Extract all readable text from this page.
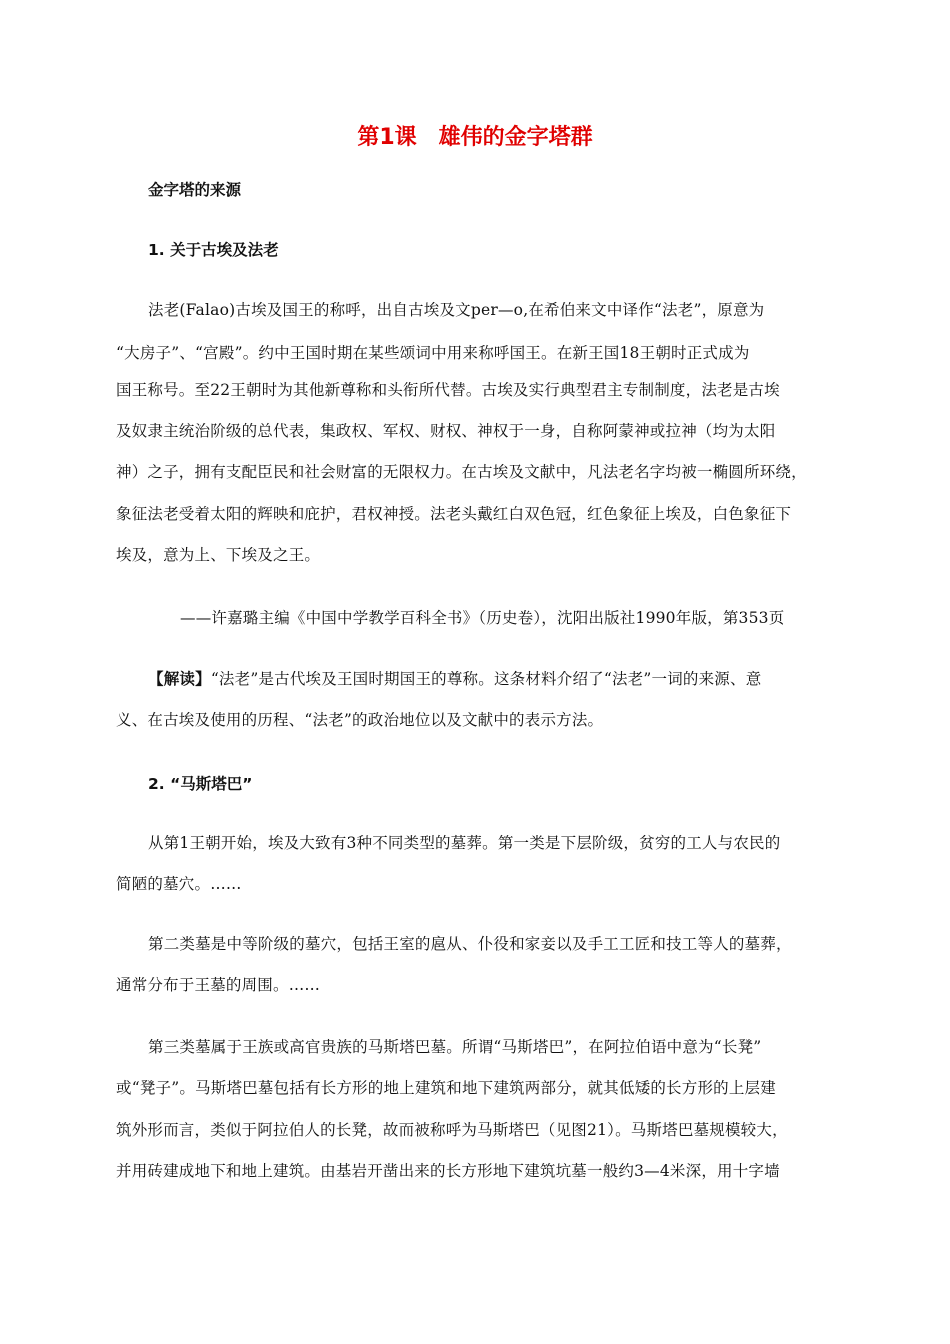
第1课 雄伟的金字塔群
金字塔的来源
1. 关于古埃及法老
法老(Falao)古埃及国王的称呼，出自古埃及文per—o,在希伯来文中译作“法老”，原意为
“大房子”、“宫殿”。约中王国时期在某些颂词中用来称呼国王。在新王国18王朝时正式成为
国王称号。至22王朝时为其他新尊称和头衔所代替。古埃及实行典型君主专制制度，法老是古埃
及奴隶主统治阶级的总代表，集政权、军权、财权、神权于一身，自称阿蒙神或拉神（均为太阳
神）之子，拥有支配臣民和社会财富的无限权力。在古埃及文献中，凡法老名字均被一椭圆所环绕，
象征法老受着太阳的辉映和庇护，君权神授。法老头戴红白双色冠，红色象征上埃及，白色象征下
埃及，意为上、下埃及之王。
——许嘉璐主编《中国中学教学百科全书》（历史卷），沈阳出版社1990年版，第353页
【解读】“法老”是古代埃及王国时期国王的尊称。这条材料介绍了“法老”一词的来源、意
义、在古埃及使用的历程、“法老”的政治地位以及文献中的表示方法。
2. “马斯塔巴”
从第1王朝开始，埃及大致有3种不同类型的墓葬。第一类是下层阶级，贫穷的工人与农民的
简陋的墓穴。……
第二类墓是中等阶级的墓穴，包括王室的扈从、仆役和家妾以及手工工匠和技工等人的墓葬，
通常分布于王墓的周围。……
第三类墓属于王族或高官贵族的马斯塔巴墓。所谓“马斯塔巴”，在阿拉伯语中意为“长凳”
或“凳子”。马斯塔巴墓包括有长方形的地上建筑和地下建筑两部分，就其低矮的长方形的上层建
筑外形而言，类似于阿拉伯人的长凳，故而被称呼为马斯塔巴（见图21）。马斯塔巴墓规模较大，
并用砖建成地下和地上建筑。由基岩开凿出来的长方形地下建筑坑墓一般约3—4米深，用十字墙
